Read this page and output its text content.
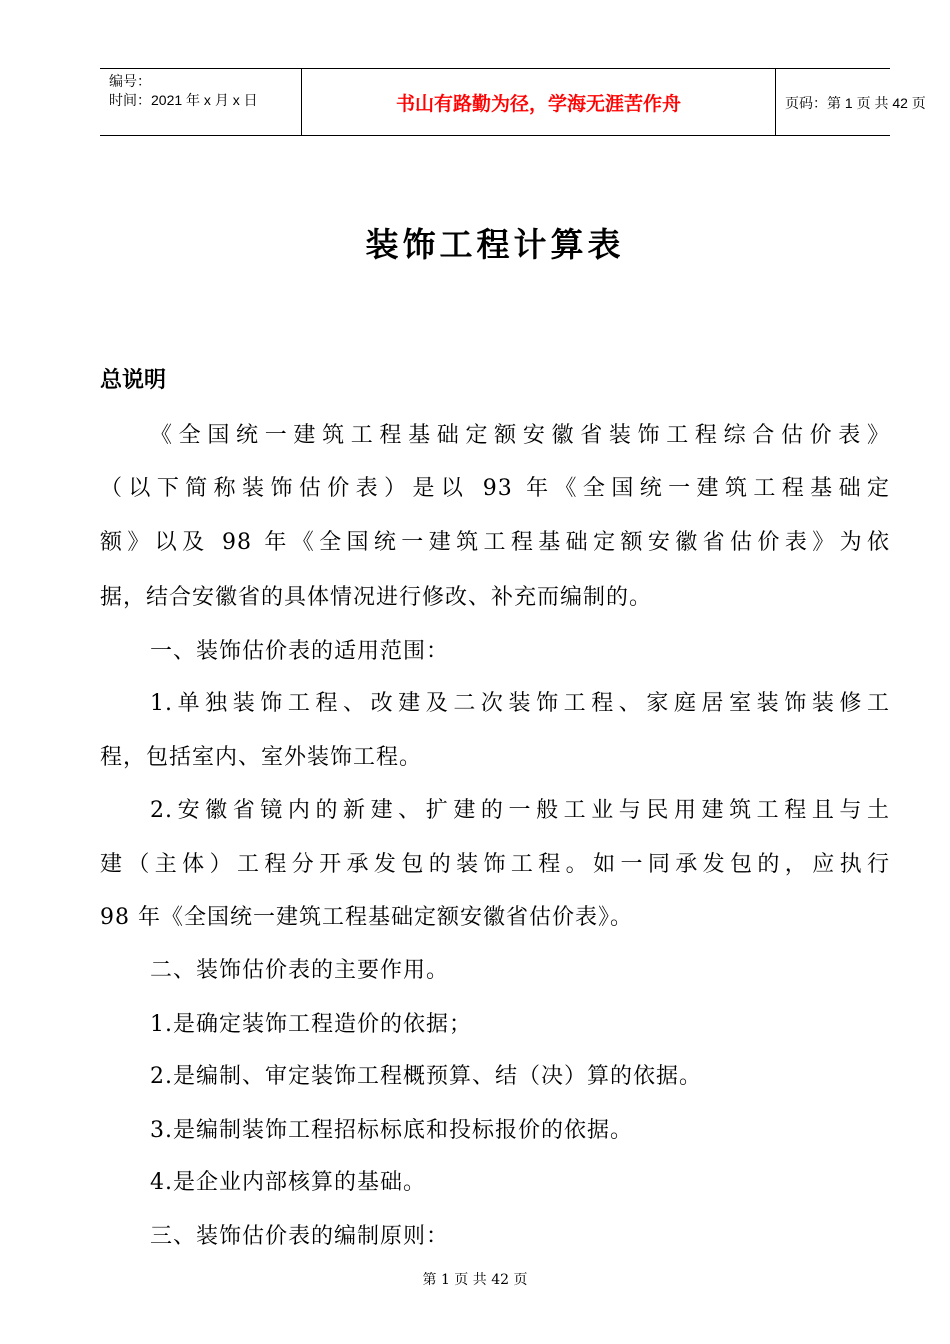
编号：
时间：2021 年 x 月 x 日	书山有路勤为径，学海无涯苦作舟	页码：第 1 页 共 42 页
装饰工程计算表
总说明
《全国统一建筑工程基础定额安徽省装饰工程综合估价表》
（以下简称装饰估价表）是以 93 年《全国统一建筑工程基础定
额》以及 98 年《全国统一建筑工程基础定额安徽省估价表》为依
据，结合安徽省的具体情况进行修改、补充而编制的。
一、装饰估价表的适用范围：
1.单独装饰工程、改建及二次装饰工程、家庭居室装饰装修工
程，包括室内、室外装饰工程。
2.安徽省镜内的新建、扩建的一般工业与民用建筑工程且与土
建（主体）工程分开承发包的装饰工程。如一同承发包的，应执行
98 年《全国统一建筑工程基础定额安徽省估价表》。
二、装饰估价表的主要作用。
1.是确定装饰工程造价的依据；
2.是编制、审定装饰工程概预算、结（决）算的依据。
3.是编制装饰工程招标标底和投标报价的依据。
4.是企业内部核算的基础。
三、装饰估价表的编制原则：
第 1 页 共 42 页
